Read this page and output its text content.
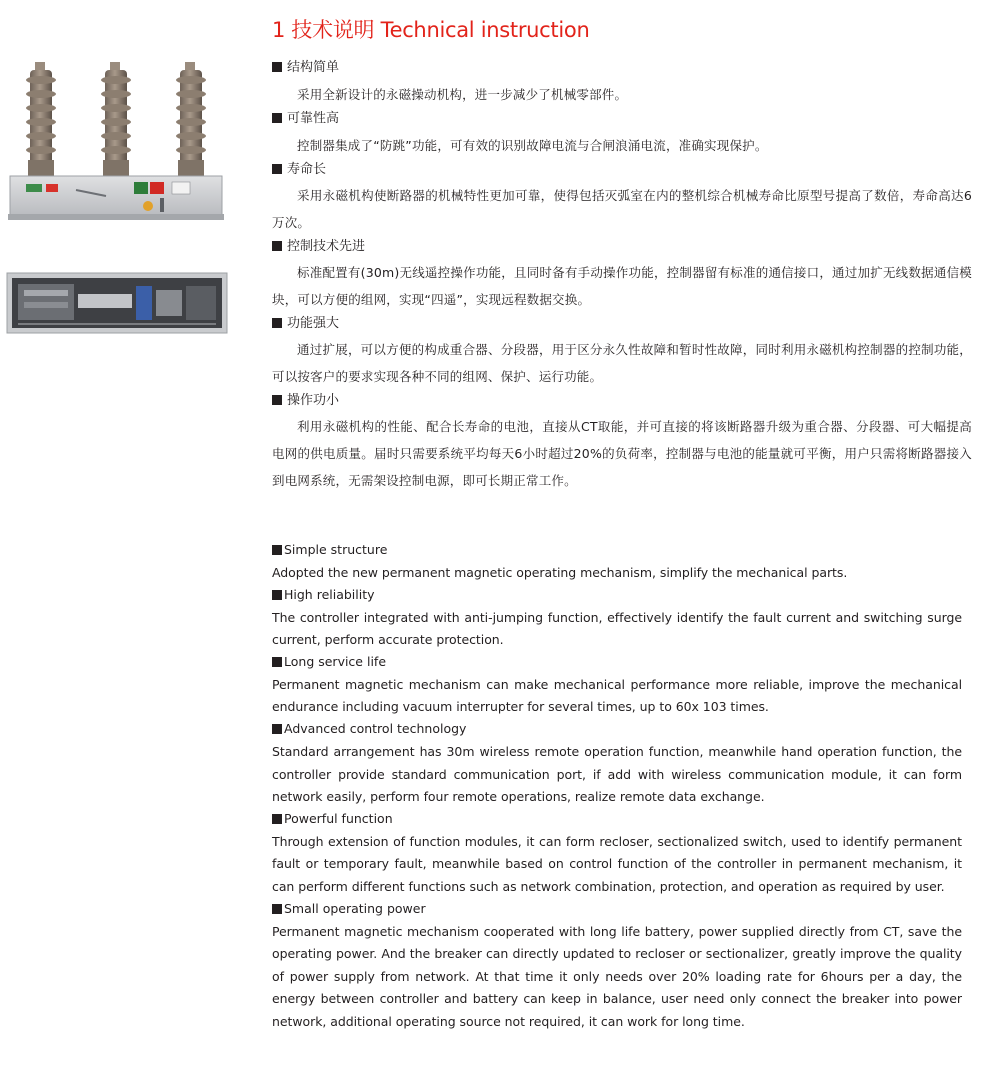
1 技术说明 Technical instruction
结构简单
采用全新设计的永磁操动机构，进一步减少了机械零部件。
可靠性高
控制器集成了“防跳”功能，可有效的识别故障电流与合闸浪涌电流，准确实现保护。
寿命长
采用永磁机构使断路器的机械特性更加可靠，使得包括灭弧室在内的整机综合机械寿命比原型号提高了数倍，寿命高达6万次。
控制技术先进
标准配置有(30m)无线遥控操作功能，且同时备有手动操作功能，控制器留有标准的通信接口，通过加扩无线数据通信模块，可以方便的组网，实现“四遥”，实现远程数据交换。
功能强大
通过扩展，可以方便的构成重合器、分段器，用于区分永久性故障和暂时性故障，同时利用永磁机构控制器的控制功能，可以按客户的要求实现各种不同的组网、保护、运行功能。
操作功小
利用永磁机构的性能、配合长寿命的电池，直接从CT取能，并可直接的将该断路器升级为重合器、分段器、可大幅提高电网的供电质量。届时只需要系统平均每天6小时超过20%的负荷率，控制器与电池的能量就可平衡，用户只需将断路器接入到电网系统，无需架设控制电源，即可长期正常工作。
Simple structure
Adopted the new permanent magnetic operating mechanism, simplify the mechanical parts.
High reliability
The controller integrated with anti-jumping function, effectively identify the fault current and switching surge current, perform accurate protection.
Long service life
Permanent magnetic mechanism can make mechanical performance more reliable, improve the mechanical endurance including vacuum interrupter for several times, up to 60x 103 times.
Advanced control technology
Standard arrangement has 30m wireless remote operation function, meanwhile hand operation function, the controller provide standard communication port, if add with wireless communication module, it can form network easily, perform four remote operations, realize remote data exchange.
Powerful function
Through extension of function modules, it can form recloser, sectionalized switch, used to identify permanent fault or temporary fault, meanwhile based on control function of the controller in permanent mechanism, it can perform different functions such as network combination, protection, and operation as required by user.
Small operating power
Permanent magnetic mechanism cooperated with long life battery, power supplied directly from CT, save the operating power. And the breaker can directly updated to recloser or sectionalizer, greatly improve the quality of power supply from network. At that time it only needs over 20% loading rate for 6hours per a day, the energy between controller and battery can keep in balance, user need only connect the breaker into power network, additional operating source not required, it can work for long time.
